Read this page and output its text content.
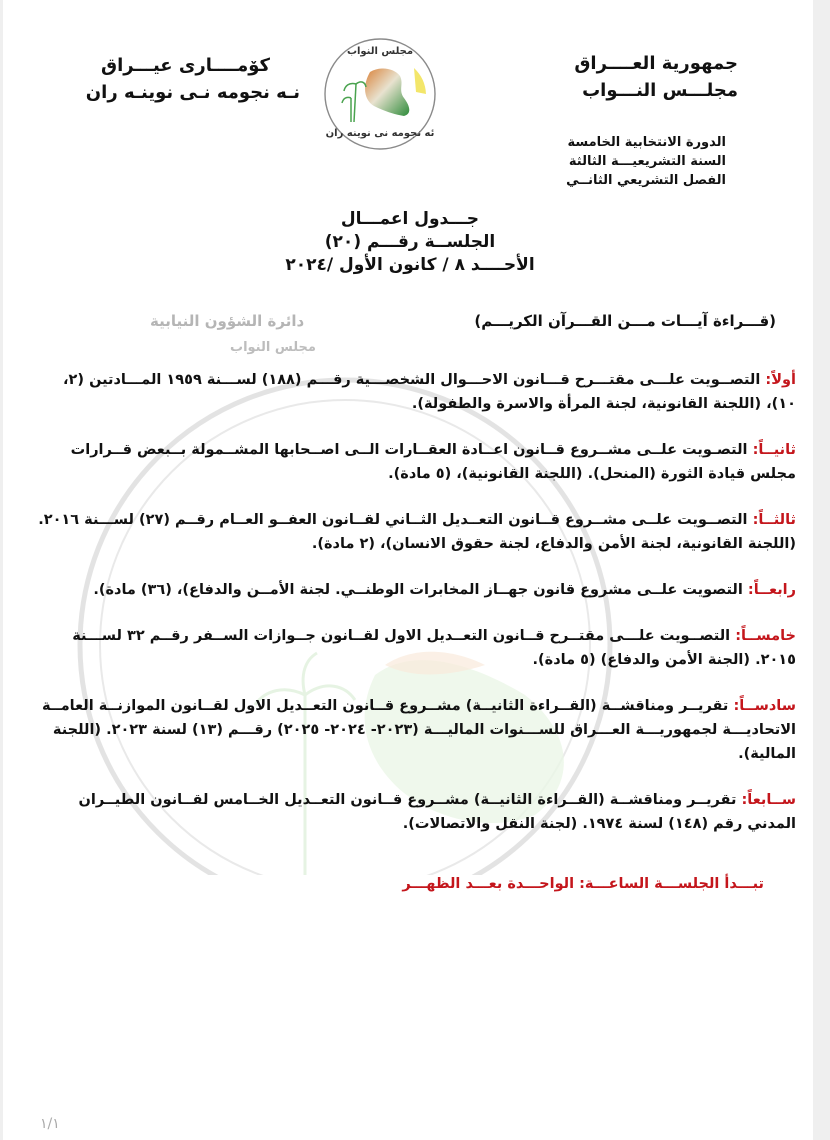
دائرة الشؤون النيابية
مجلس النواب
جمهورية العــــراق
مجلـــس النـــواب
الدورة الانتخابية الخامسة
السنة التشريعيـــة الثالثة
الفصل التشريعي الثانــي
كۆمــــارى عيـــراق
نـه نجومه نـى نوينـه ران
مجلس النواب
ئه نجومه نى نوينه ران
جـــدول اعمـــال
الجلســة رقـــم (٢٠)
الأحــــد ٨ / كانون الأول /٢٠٢٤
(قـــراءة آيـــات مـــن القـــرآن الكريـــم)
أولاً: التصــويت علـــى مقتـــرح قـــانون الاحـــوال الشخصـــية رقـــم (١٨٨) لســـنة ١٩٥٩ المـــادتين (٢، ١٠)، (اللجنة القانونية، لجنة المرأة والاسرة والطفولة).
ثانيــاً: التصـويت علــى مشــروع قــانون اعــادة العقــارات الــى اصــحابها المشــمولة بــبعض قــرارات مجلس قيادة الثورة (المنحل). (اللجنة القانونية)، (٥ مادة).
ثالثــاً: التصــويت علــى مشــروع قــانون التعــديل الثــاني لقــانون العفــو العــام رقــم (٢٧) لســـنة ٢٠١٦. (اللجنة القانونية، لجنة الأمن والدفاع، لجنة حقوق الانسان)، (٢ مادة).
رابعــاً: التصويت علــى مشروع قانون جهــاز المخابرات الوطنــي. لجنة الأمــن والدفاع)، (٣٦) مادة).
خامســاً: التصــويت علـــى مقتــرح قــانون التعــديل الاول لقــانون جــوازات الســفر رقــم ٣٢ لســـنة ٢٠١٥. (الجنة الأمن والدفاع) (٥ مادة).
سادســاً: تقريــر ومناقشــة (القــراءة الثانيــة) مشــروع قــانون التعــديل الاول لقــانون الموازنــة العامــة الاتحاديـــة لجمهوريـــة العـــراق للســـنوات الماليـــة (٢٠٢٣- ٢٠٢٤- ٢٠٢٥) رقـــم (١٣) لسنة ٢٠٢٣. (اللجنة المالية).
ســابعاً: تقريــر ومناقشــة (القــراءة الثانيــة) مشــروع قــانون التعــديل الخــامس لقــانون الطيــران المدني رقم (١٤٨) لسنة ١٩٧٤. (لجنة النقل والاتصالات).
تبـــدأ الجلســـة الساعـــة: الواحـــدة بعـــد الظهـــر
١/١
